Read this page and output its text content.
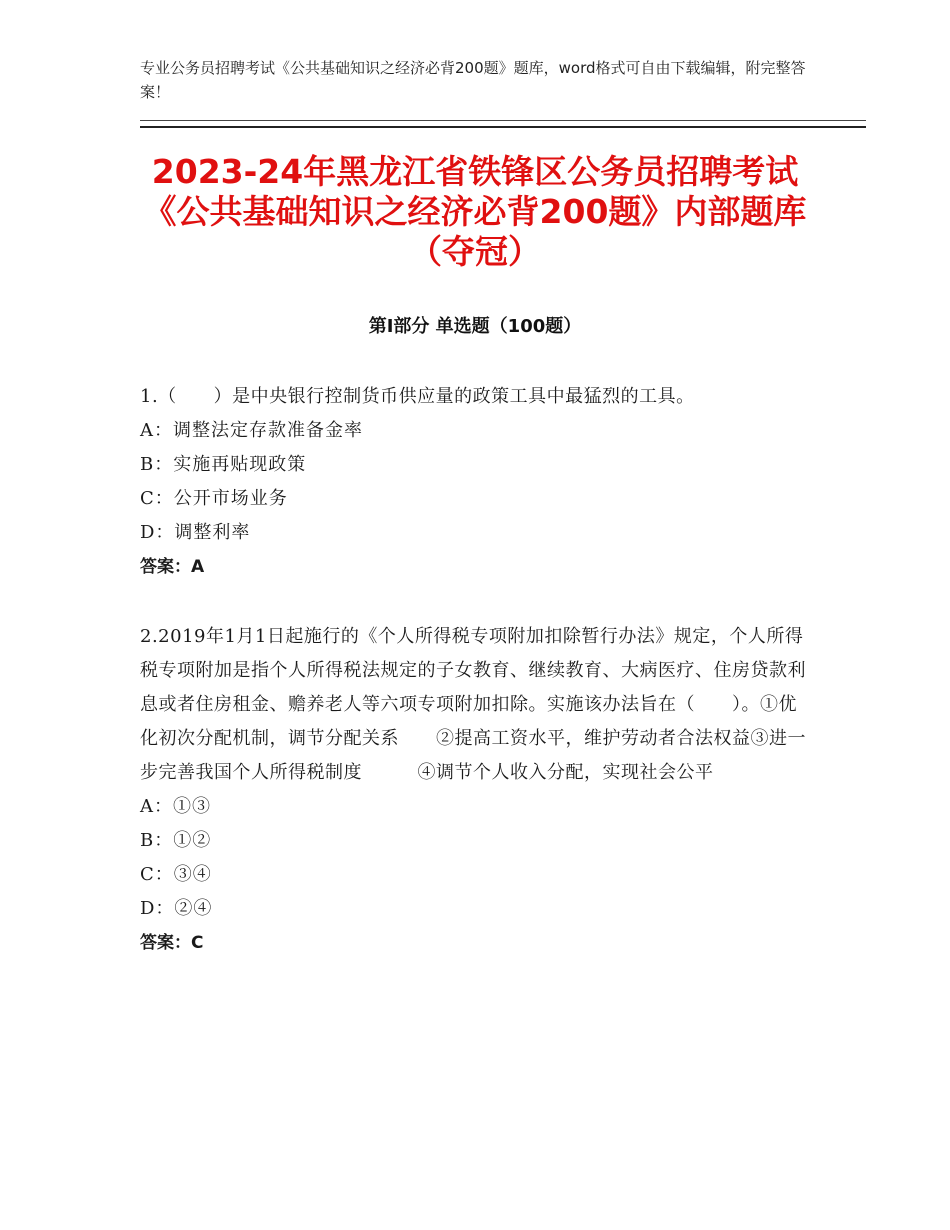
专业公务员招聘考试《公共基础知识之经济必背200题》题库，word格式可自由下载编辑，附完整答案！
2023-24年黑龙江省铁锋区公务员招聘考试《公共基础知识之经济必背200题》内部题库（夺冠）
第Ⅰ部分 单选题（100题）

1.（　　）是中央银行控制货币供应量的政策工具中最猛烈的工具。

A：调整法定存款准备金率

B：实施再贴现政策

C：公开市场业务

D：调整利率

答案：A

2.2019年1月1日起施行的《个人所得税专项附加扣除暂行办法》规定，个人所得税专项附加是指个人所得税法规定的子女教育、继续教育、大病医疗、住房贷款利息或者住房租金、赡养老人等六项专项附加扣除。实施该办法旨在（　　）。①优化初次分配机制，调节分配关系　　②提高工资水平，维护劳动者合法权益③进一步完善我国个人所得税制度　　　④调节个人收入分配，实现社会公平

A：①③

B：①②

C：③④

D：②④

答案：C
